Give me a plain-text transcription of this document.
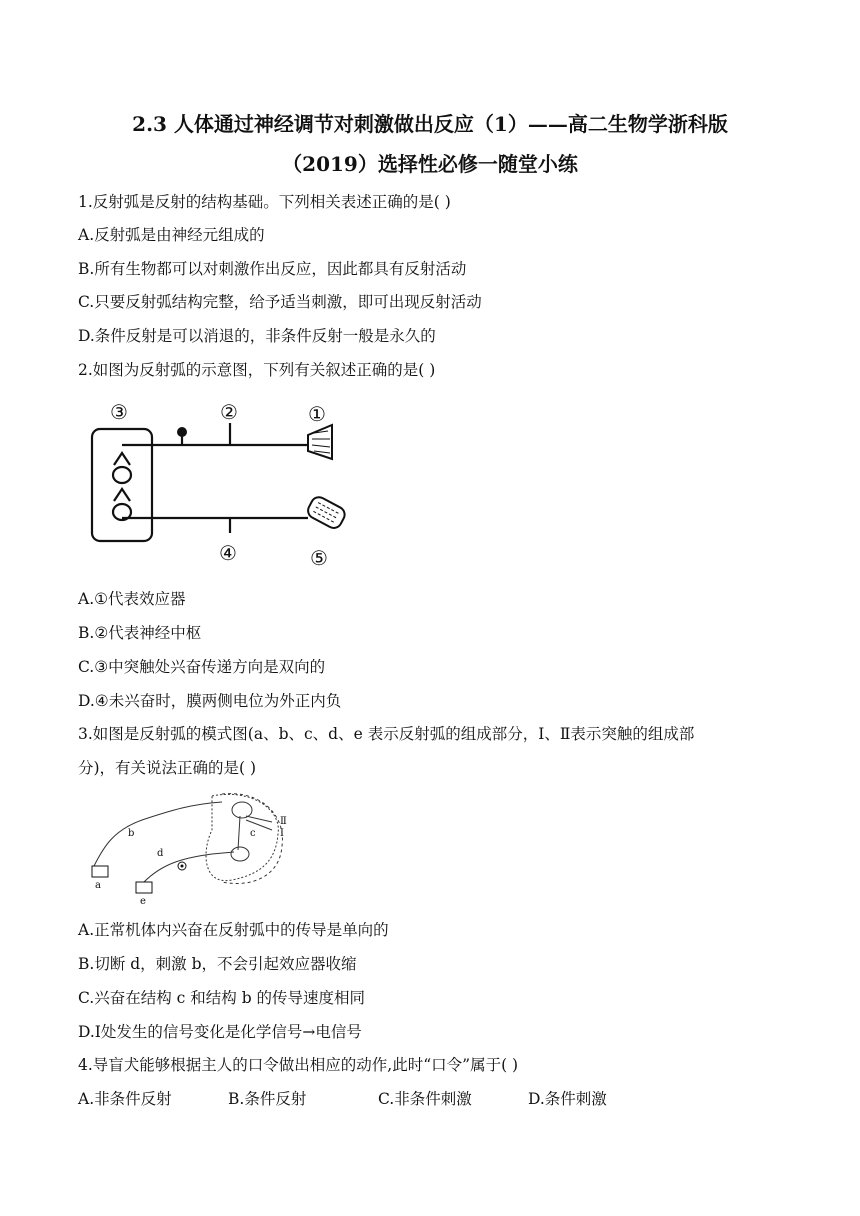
2.3 人体通过神经调节对刺激做出反应（1）——高二生物学浙科版
（2019）选择性必修一随堂小练
1.反射弧是反射的结构基础。下列相关表述正确的是( )
A.反射弧是由神经元组成的
B.所有生物都可以对刺激作出反应，因此都具有反射活动
C.只要反射弧结构完整，给予适当刺激，即可出现反射活动
D.条件反射是可以消退的，非条件反射一般是永久的
2.如图为反射弧的示意图，下列有关叙述正确的是( )
③	②	①
④	⑤
A.①代表效应器
B.②代表神经中枢
C.③中突触处兴奋传递方向是双向的
D.④未兴奋时，膜两侧电位为外正内负
3.如图是反射弧的模式图(a、b、c、d、e 表示反射弧的组成部分，Ⅰ、Ⅱ表示突触的组成部
分)，有关说法正确的是( )
a
b	c
d
e
Ⅱ
Ⅰ
A.正常机体内兴奋在反射弧中的传导是单向的
B.切断 d，刺激 b，不会引起效应器收缩
C.兴奋在结构 c 和结构 b 的传导速度相同
D.Ⅰ处发生的信号变化是化学信号→电信号
4.导盲犬能够根据主人的口令做出相应的动作,此时“口令”属于( )
A.非条件反射	B.条件反射	C.非条件刺激	D.条件刺激
